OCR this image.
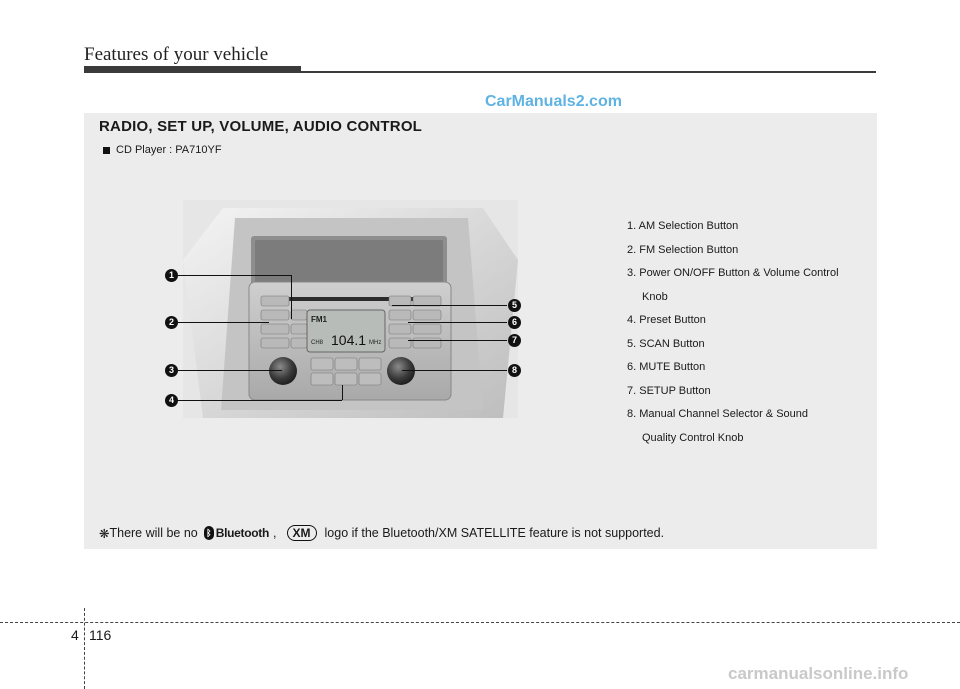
Features of your vehicle
CarManuals2.com
RADIO, SET UP, VOLUME, AUDIO CONTROL
CD Player : PA710YF
FM1
CH8 104.1 MHz
1
2
3
4
5
6
7
8
1. AM Selection Button
2. FM Selection Button
3. Power ON/OFF Button & Volume Control
Knob
4. Preset Button
5. SCAN Button
6. MUTE Button
7. SETUP Button
8. Manual Channel Selector & Sound
Quality Control Knob
❋ There will be no ᛒ Bluetooth , XM logo if the Bluetooth/XM SATELLITE feature is not supported.
4 116
carmanualsonline.info
